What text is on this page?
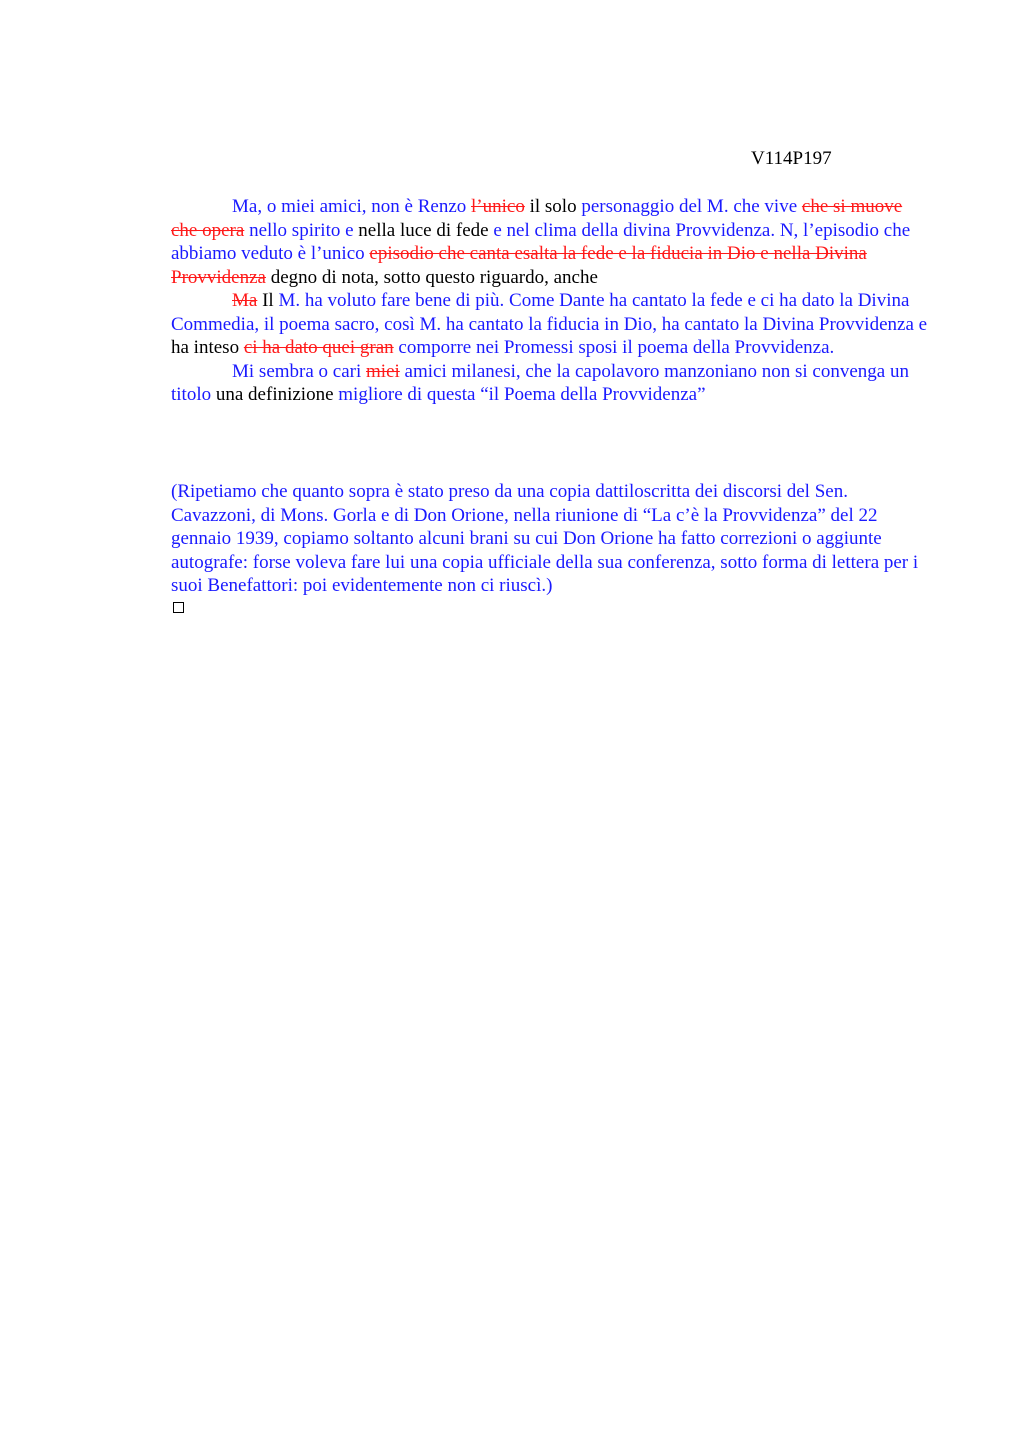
V114P197

Ma, o miei amici, non è Renzo l’unico il solo personaggio del M. che vive che si muove che opera nello spirito e nella luce di fede e nel clima della divina Provvidenza. N, l’episodio che abbiamo veduto è l’unico episodio che canta esalta la fede e la fiducia in Dio e nella Divina Provvidenza degno di nota, sotto questo riguardo, anche

Ma Il M. ha voluto fare bene di più. Come Dante ha cantato la fede e ci ha dato la Divina Commedia, il poema sacro, così M. ha cantato la fiducia in Dio, ha cantato la Divina Provvidenza e ha inteso ci ha dato quei gran comporre nei Promessi sposi il poema della Provvidenza.

Mi sembra o cari miei amici milanesi, che la capolavoro manzoniano non si convenga un titolo una definizione migliore di questa “il Poema della Provvidenza”

(Ripetiamo che quanto sopra è stato preso da una copia dattiloscritta dei discorsi del Sen. Cavazzoni, di Mons. Gorla e di Don Orione, nella riunione di “La c’è la Provvidenza” del 22 gennaio 1939, copiamo soltanto alcuni brani su cui Don Orione ha fatto correzioni o aggiunte autografe: forse voleva fare lui una copia ufficiale della sua conferenza, sotto forma di lettera per i suoi Benefattori: poi evidentemente non ci riuscì.)
